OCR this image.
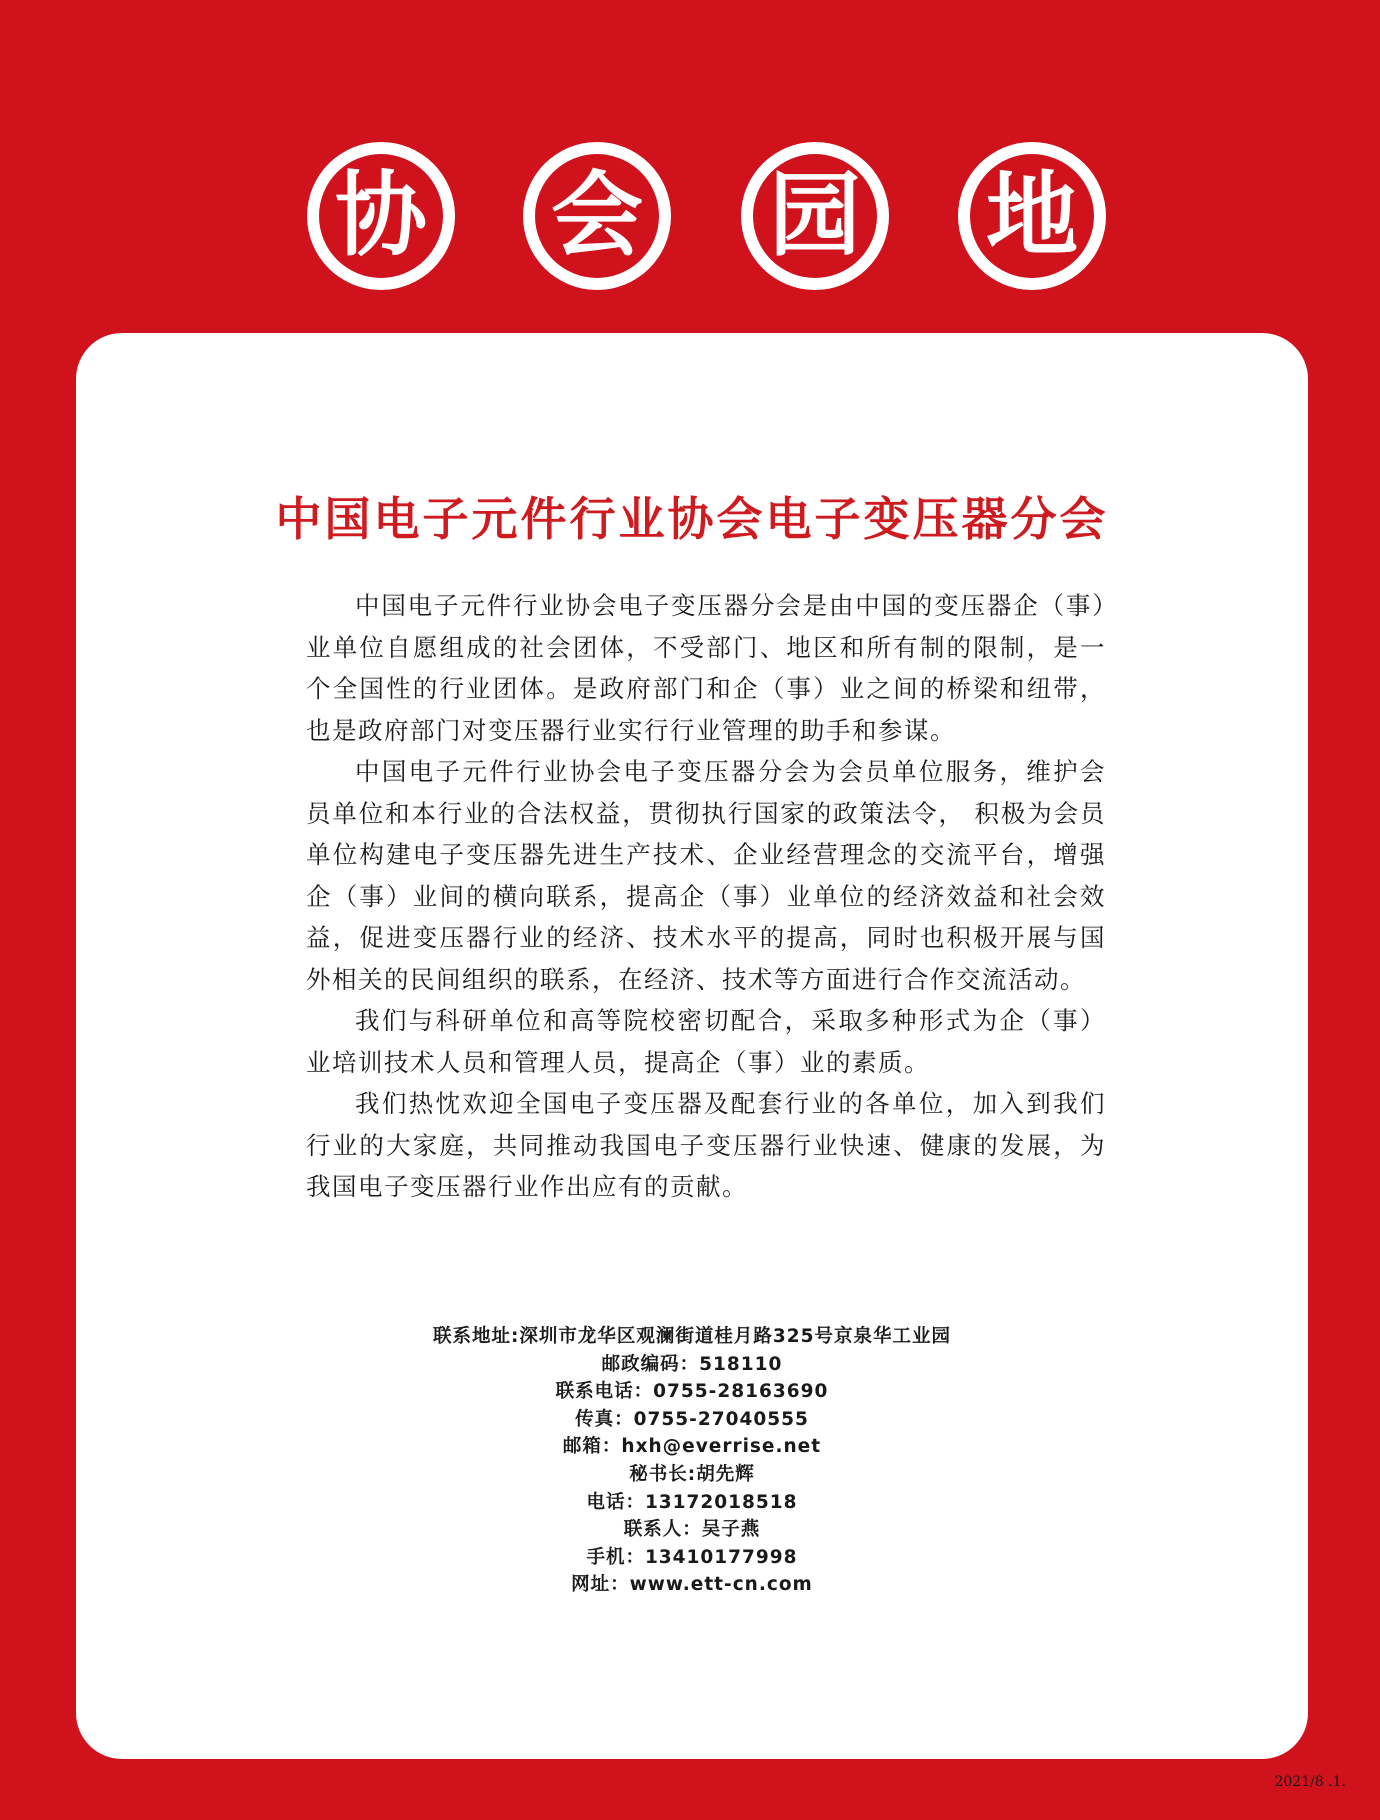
协 会 园 地
中国电子元件行业协会电子变压器分会

中国电子元件行业协会电子变压器分会是由中国的变压器企（事）业单位自愿组成的社会团体，不受部门、地区和所有制的限制，是一个全国性的行业团体。是政府部门和企（事）业之间的桥梁和纽带，也是政府部门对变压器行业实行行业管理的助手和参谋。

中国电子元件行业协会电子变压器分会为会员单位服务，维护会员单位和本行业的合法权益，贯彻执行国家的政策法令， 积极为会员单位构建电子变压器先进生产技术、企业经营理念的交流平台，增强企（事）业间的横向联系，提高企（事）业单位的经济效益和社会效益，促进变压器行业的经济、技术水平的提高，同时也积极开展与国外相关的民间组织的联系，在经济、技术等方面进行合作交流活动。

我们与科研单位和高等院校密切配合，采取多种形式为企（事）业培训技术人员和管理人员，提高企（事）业的素质。

我们热忱欢迎全国电子变压器及配套行业的各单位，加入到我们行业的大家庭，共同推动我国电子变压器行业快速、健康的发展，为我国电子变压器行业作出应有的贡献。

联系地址:深圳市龙华区观澜街道桂月路325号京泉华工业园
邮政编码：518110
联系电话：0755-28163690
传真：0755-27040555
邮箱：hxh@everrise.net
秘书长:胡先辉
电话：13172018518
联系人：吴子燕
手机：13410177998
网址：www.ett-cn.com
2021/8 .1.
